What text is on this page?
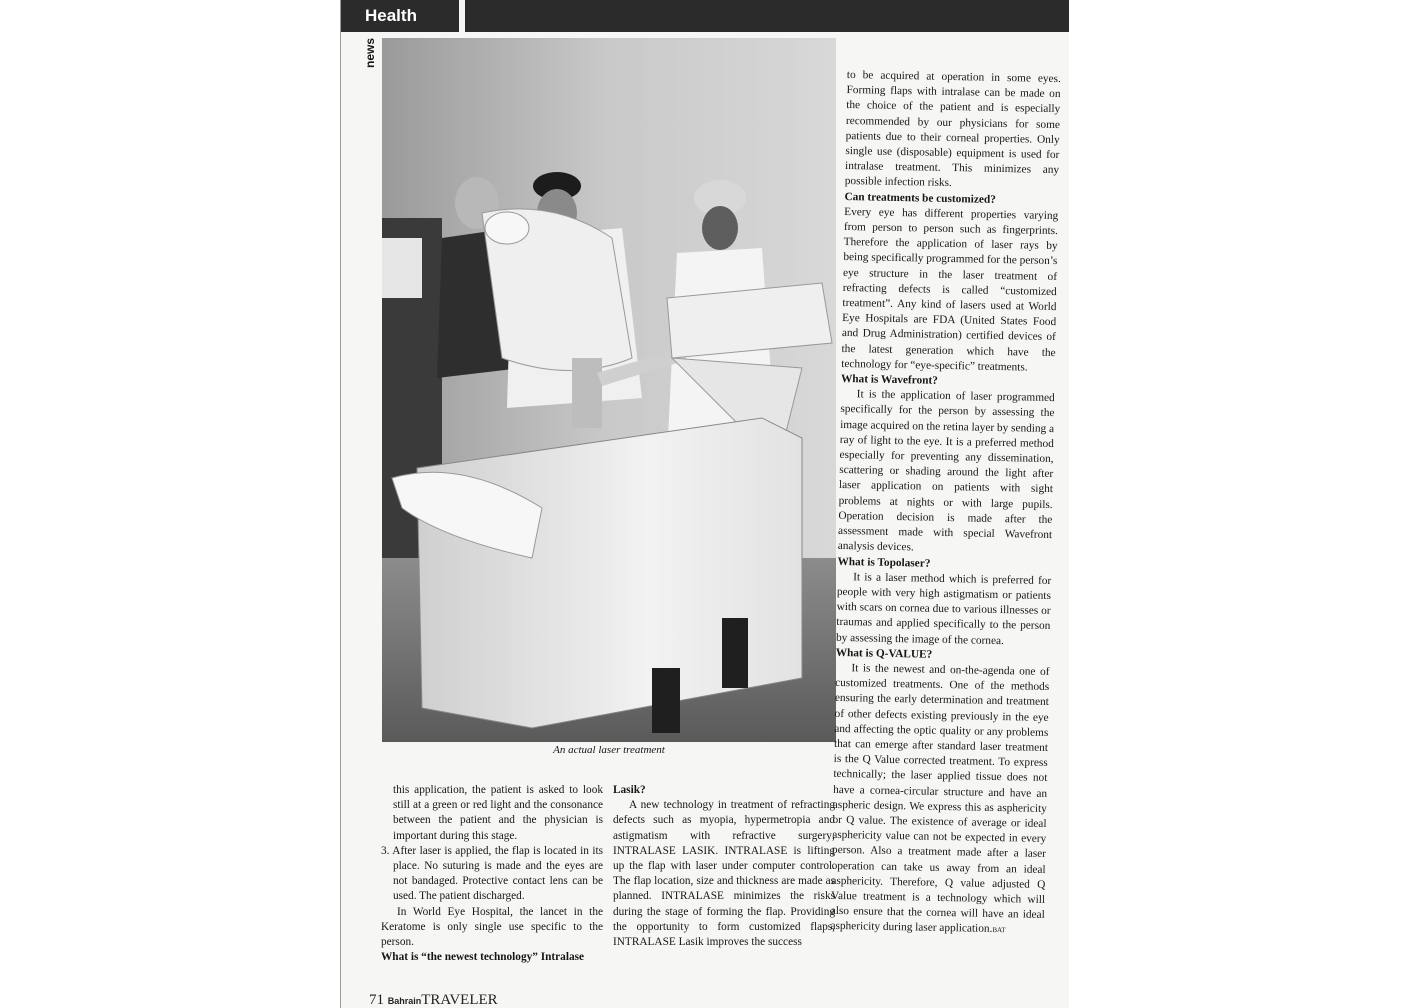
Health
news
An actual laser treatment

to be acquired at operation in some eyes. Forming flaps with intralase can be made on the choice of the patient and is especially recommended by our physicians for some patients due to their corneal properties. Only single use (disposable) equipment is used for intralase treatment. This minimizes any possible infection risks.

Can treatments be customized?

Every eye has different properties varying from person to person such as fingerprints. Therefore the application of laser rays by being specifically programmed for the person’s eye structure in the laser treatment of refracting defects is called “customized treatment”. Any kind of lasers used at World Eye Hospitals are FDA (United States Food and Drug Administration) certified devices of the latest generation which have the technology for “eye-specific” treatments.

What is Wavefront?

It is the application of laser programmed specifically for the person by assessing the image acquired on the retina layer by sending a ray of light to the eye. It is a preferred method especially for preventing any dissemination, scattering or shading around the light after laser application on patients with sight problems at nights or with large pupils. Operation decision is made after the assessment made with special Wavefront analysis devices.

What is Topolaser?

It is a laser method which is preferred for people with very high astigmatism or patients with scars on cornea due to various illnesses or traumas and applied specifically to the person by assessing the image of the cornea.

What is Q-VALUE?

It is the newest and on-the-agenda one of customized treatments. One of the methods ensuring the early determination and treatment of other defects existing previously in the eye and affecting the optic quality or any problems that can emerge after standard laser treatment is the Q Value corrected treatment. To express technically; the laser applied tissue does not have a cornea-circular structure and have an aspheric design. We express this as asphericity or Q value. The existence of average or ideal asphericity value can not be expected in every person. Also a treatment made after a laser operation can take us away from an ideal asphericity. Therefore, Q value adjusted Q Value treatment is a technology which will also ensure that the cornea will have an ideal asphericity during laser application.BAT

this application, the patient is asked to look still at a green or red light and the consonance between the patient and the physician is important during this stage.

3. After laser is applied, the flap is located in its place. No suturing is made and the eyes are not bandaged. Protective contact lens can be used. The patient discharged.

In World Eye Hospital, the lancet in the Keratome is only single use specific to the person.

What is “the newest technology” Intralase
Lasik?

A new technology in treatment of refracting defects such as myopia, hypermetropia and astigmatism with refractive surgery; INTRALASE LASIK. INTRALASE is lifting up the flap with laser under computer control. The flap location, size and thickness are made as planned. INTRALASE minimizes the risks during the stage of forming the flap. Providing the opportunity to form customized flaps, INTRALASE Lasik improves the success

71 BahrainTRAVELER
